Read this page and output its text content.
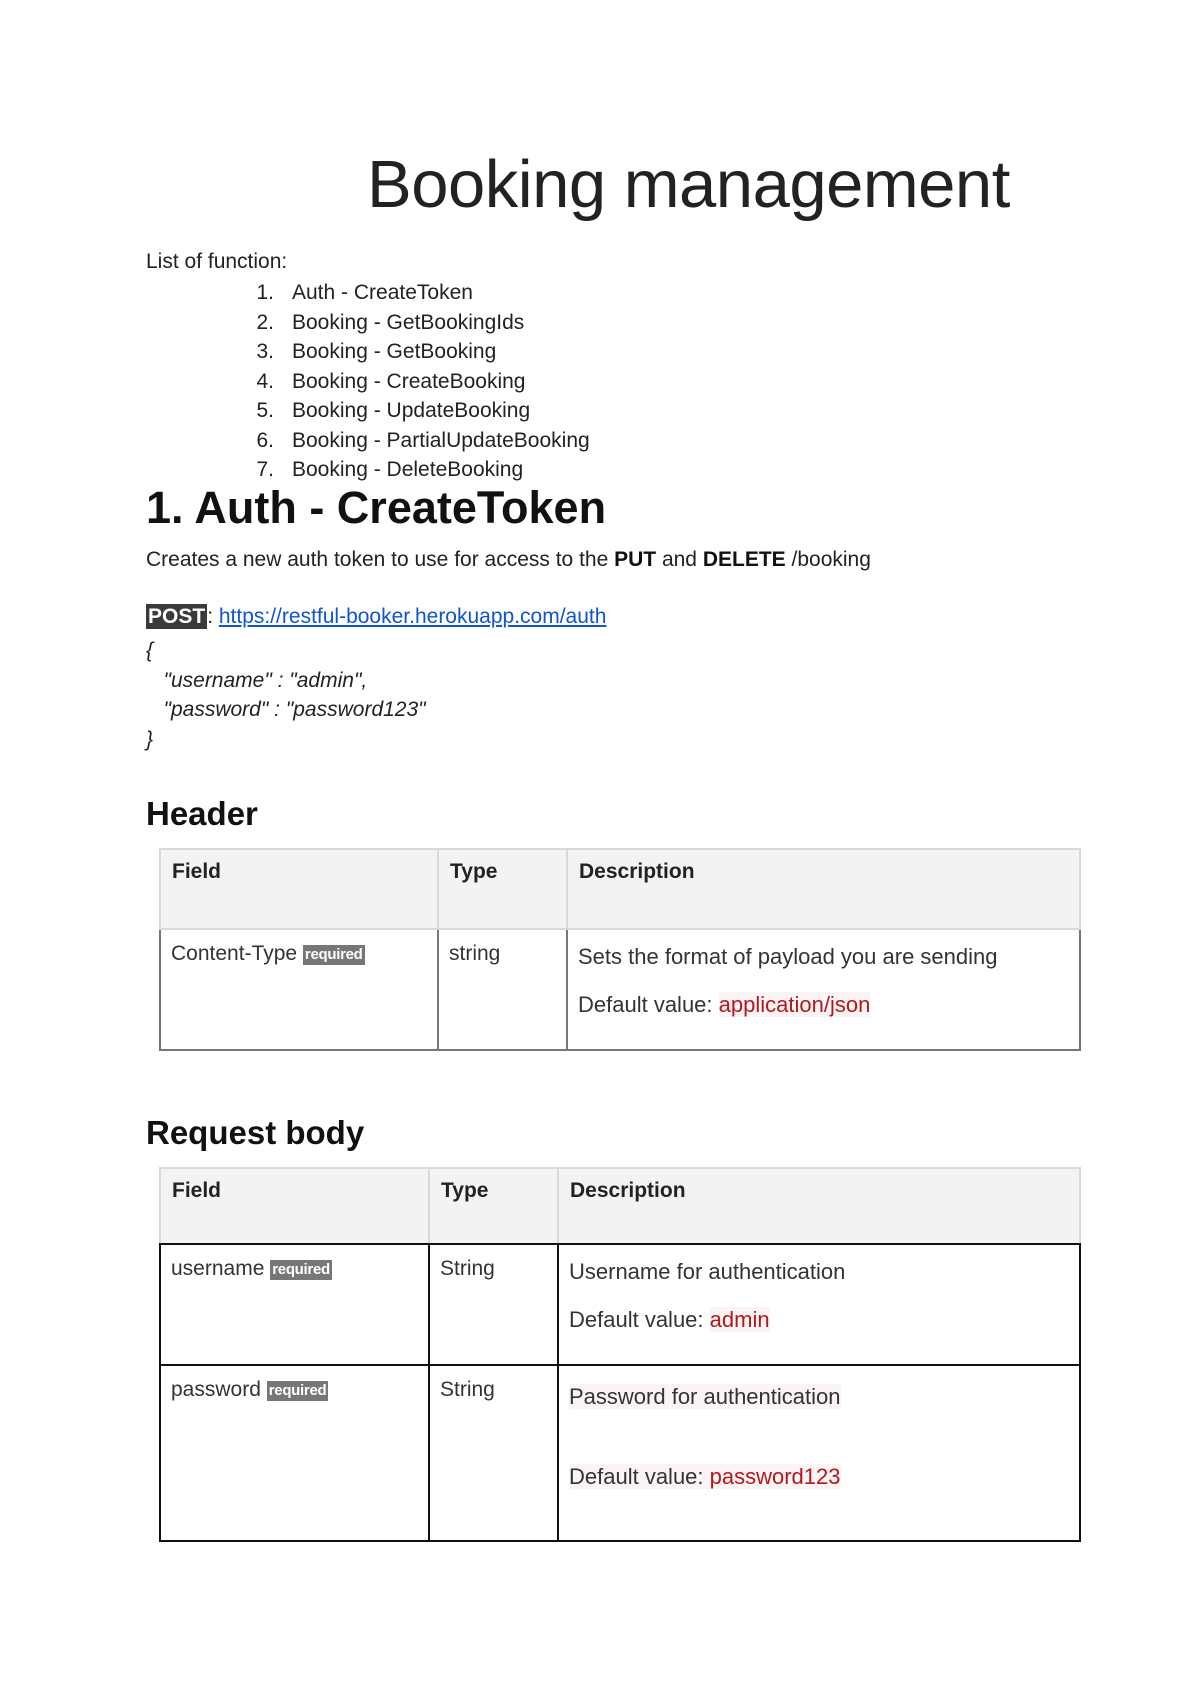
Booking management
List of function:
1. Auth - CreateToken
2. Booking - GetBookingIds
3. Booking - GetBooking
4. Booking - CreateBooking
5. Booking - UpdateBooking
6. Booking - PartialUpdateBooking
7. Booking - DeleteBooking
1. Auth - CreateToken
Creates a new auth token to use for access to the PUT and DELETE /booking
POST: https://restful-booker.herokuapp.com/auth
{
"username" : "admin",
"password" : "password123"
}
Header
Field	Type	Description
Content-Type required	string	Sets the format of payload you are sending
Default value: application/json
Request body
Field	Type	Description
username required	String	Username for authentication
Default value: admin

password required	String	Password for authentication
Default value: password123
